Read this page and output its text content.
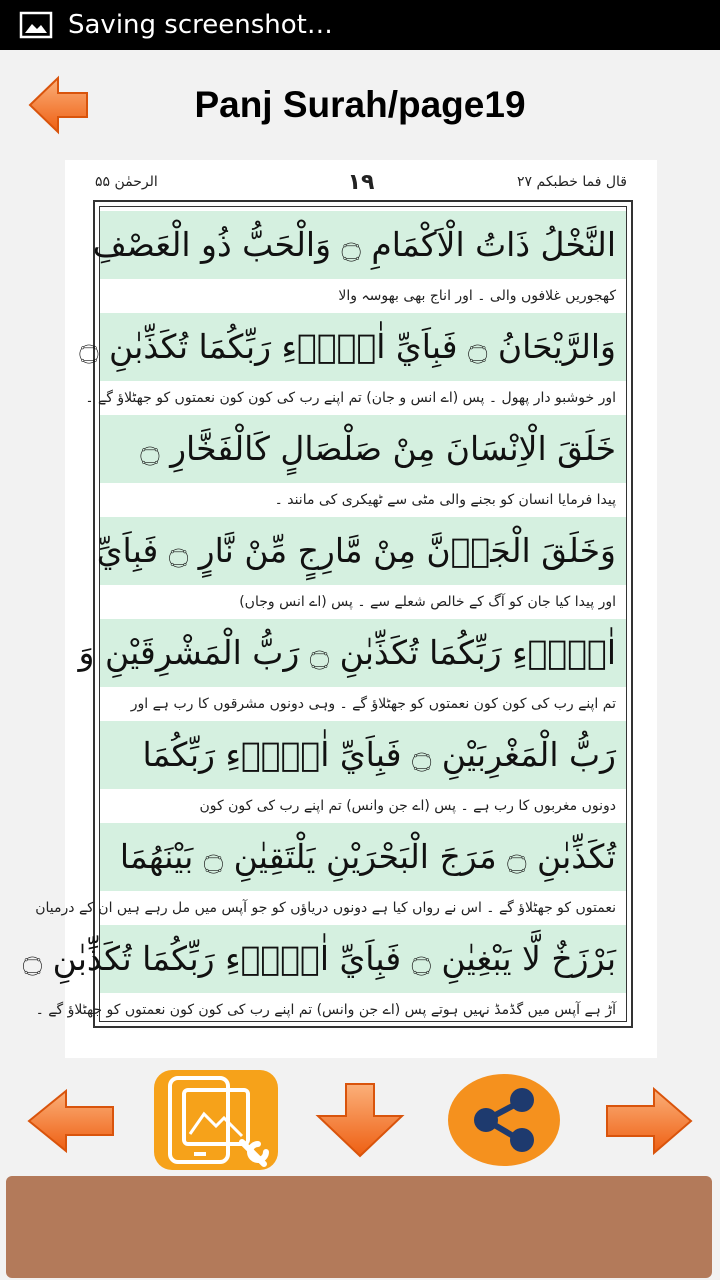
Saving screenshot…
Panj Surah/page19
الرحمٰن ۵۵	١٩	قال فما خطبکم ۲۷
النَّخْلُ ذَاتُ الْاَكْمَامِ ۝ وَالْحَبُّ ذُو الْعَصْفِ
کھجوریں غلافوں والی ۔ اور اناج بھی بھوسہ والا
وَالرَّيْحَانُ ۝ فَبِاَيِّ اٰلَاۗءِ رَبِّكُمَا تُكَذِّبٰنِ ۝
اور خوشبو دار پھول ۔ پس (اے انس و جان) تم اپنے رب کی کون کون نعمتوں کو جھٹلاؤ گے ۔
خَلَقَ الْاِنْسَانَ مِنْ صَلْصَالٍ كَالْفَخَّارِ ۝
پیدا فرمایا انسان کو بجنے والی مٹی سے ٹھیکری کی مانند ۔
وَخَلَقَ الْجَاۗنَّ مِنْ مَّارِجٍ مِّنْ نَّارٍ ۝ فَبِاَيِّ
اور پیدا کیا جان کو آگ کے خالص شعلے سے ۔ پس (اے انس وجاں)
اٰلَاۗءِ رَبِّكُمَا تُكَذِّبٰنِ ۝ رَبُّ الْمَشْرِقَيْنِ وَ
تم اپنے رب کی کون کون نعمتوں کو جھٹلاؤ گے ۔ وہی دونوں مشرقوں کا رب ہے اور
رَبُّ الْمَغْرِبَيْنِ ۝ فَبِاَيِّ اٰلَاۗءِ رَبِّكُمَا
دونوں مغربوں کا رب ہے ۔ پس (اے جن وانس) تم اپنے رب کی کون کون
تُكَذِّبٰنِ ۝ مَرَجَ الْبَحْرَيْنِ يَلْتَقِيٰنِ ۝ بَيْنَهُمَا
نعمتوں کو جھٹلاؤ گے ۔ اس نے رواں کیا ہے دونوں دریاؤں کو جو آپس میں مل رہے ہیں ان کے درمیان
بَرْزَخٌ لَّا يَبْغِيٰنِ ۝ فَبِاَيِّ اٰلَاۗءِ رَبِّكُمَا تُكَذِّبٰنِ ۝
آڑ ہے آپس میں گڈمڈ نہیں ہوتے پس (اے جن وانس) تم اپنے رب کی کون کون نعمتوں کو جھٹلاؤ گے ۔
